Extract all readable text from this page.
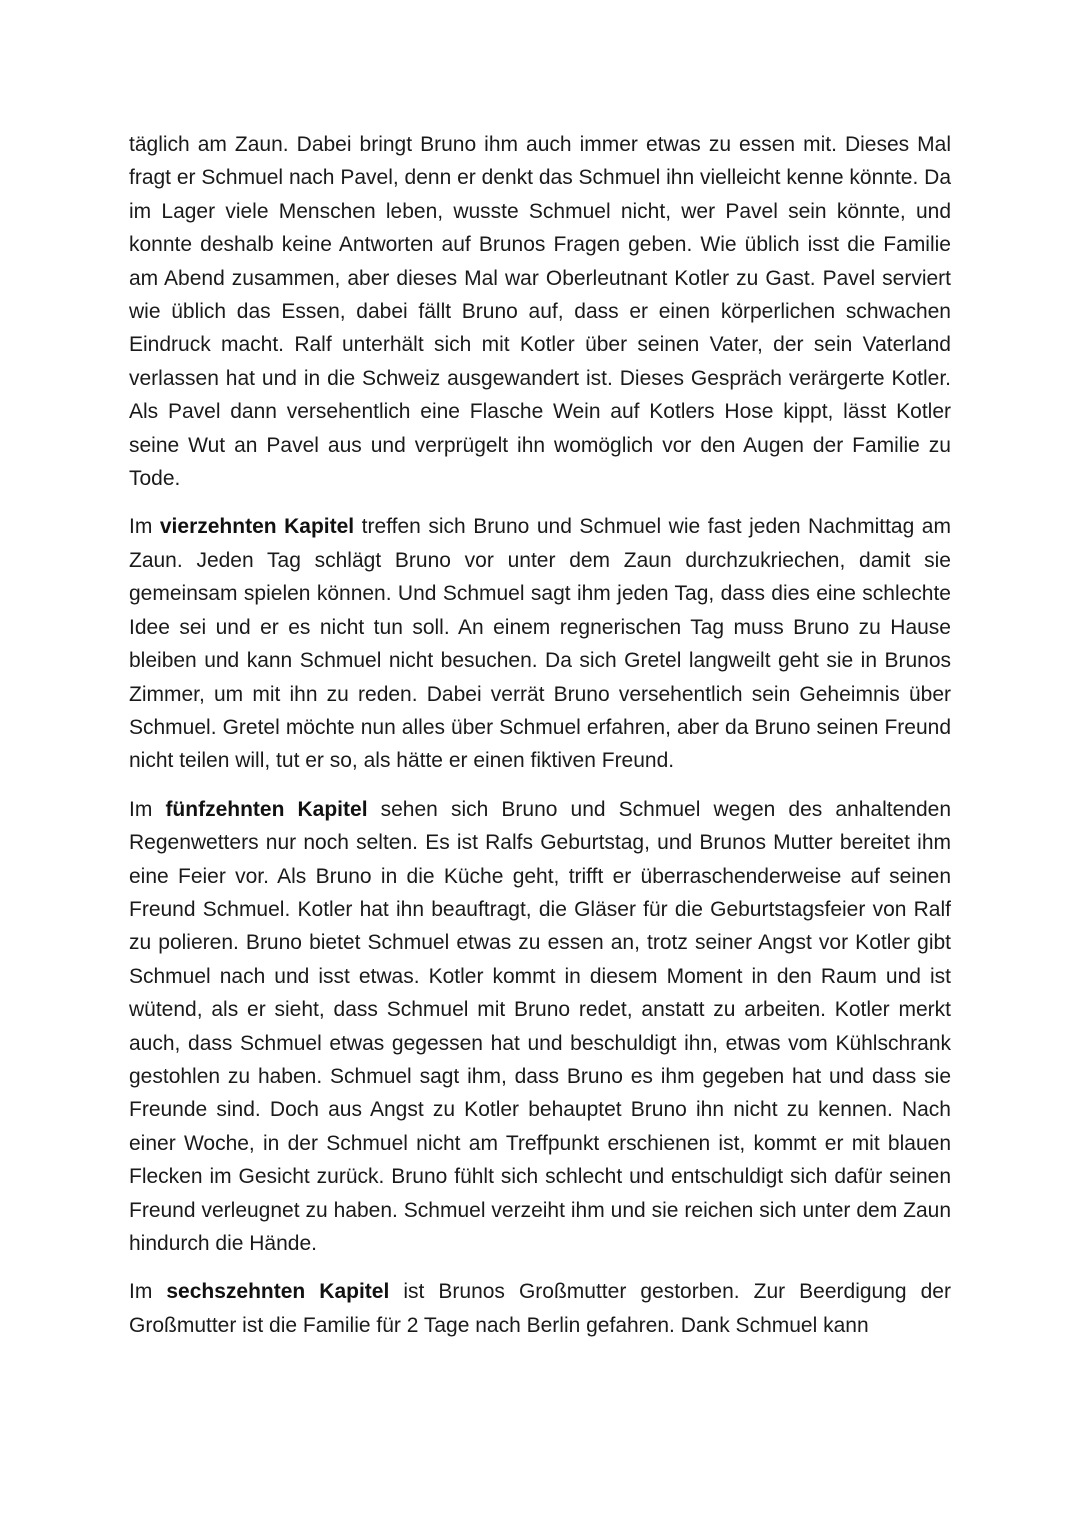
täglich am Zaun. Dabei bringt Bruno ihm auch immer etwas zu essen mit. Dieses Mal fragt er Schmuel nach Pavel, denn er denkt das Schmuel ihn vielleicht kenne könnte. Da im Lager viele Menschen leben, wusste Schmuel nicht, wer Pavel sein könnte, und konnte deshalb keine Antworten auf Brunos Fragen geben. Wie üblich isst die Familie am Abend zusammen, aber dieses Mal war Oberleutnant Kotler zu Gast. Pavel serviert wie üblich das Essen, dabei fällt Bruno auf, dass er einen körperlichen schwachen Eindruck macht. Ralf unterhält sich mit Kotler über seinen Vater, der sein Vaterland verlassen hat und in die Schweiz ausgewandert ist. Dieses Gespräch verärgerte Kotler. Als Pavel dann versehentlich eine Flasche Wein auf Kotlers Hose kippt, lässt Kotler seine Wut an Pavel aus und verprügelt ihn womöglich vor den Augen der Familie zu Tode.

Im vierzehnten Kapitel treffen sich Bruno und Schmuel wie fast jeden Nachmittag am Zaun. Jeden Tag schlägt Bruno vor unter dem Zaun durchzukriechen, damit sie gemeinsam spielen können. Und Schmuel sagt ihm jeden Tag, dass dies eine schlechte Idee sei und er es nicht tun soll. An einem regnerischen Tag muss Bruno zu Hause bleiben und kann Schmuel nicht besuchen. Da sich Gretel langweilt geht sie in Brunos Zimmer, um mit ihn zu reden. Dabei verrät Bruno versehentlich sein Geheimnis über Schmuel. Gretel möchte nun alles über Schmuel erfahren, aber da Bruno seinen Freund nicht teilen will, tut er so, als hätte er einen fiktiven Freund.

Im fünfzehnten Kapitel sehen sich Bruno und Schmuel wegen des anhaltenden Regenwetters nur noch selten. Es ist Ralfs Geburtstag, und Brunos Mutter bereitet ihm eine Feier vor. Als Bruno in die Küche geht, trifft er überraschenderweise auf seinen Freund Schmuel. Kotler hat ihn beauftragt, die Gläser für die Geburtstagsfeier von Ralf zu polieren. Bruno bietet Schmuel etwas zu essen an, trotz seiner Angst vor Kotler gibt Schmuel nach und isst etwas. Kotler kommt in diesem Moment in den Raum und ist wütend, als er sieht, dass Schmuel mit Bruno redet, anstatt zu arbeiten. Kotler merkt auch, dass Schmuel etwas gegessen hat und beschuldigt ihn, etwas vom Kühlschrank gestohlen zu haben. Schmuel sagt ihm, dass Bruno es ihm gegeben hat und dass sie Freunde sind. Doch aus Angst zu Kotler behauptet Bruno ihn nicht zu kennen. Nach einer Woche, in der Schmuel nicht am Treffpunkt erschienen ist, kommt er mit blauen Flecken im Gesicht zurück. Bruno fühlt sich schlecht und entschuldigt sich dafür seinen Freund verleugnet zu haben. Schmuel verzeiht ihm und sie reichen sich unter dem Zaun hindurch die Hände.

Im sechszehnten Kapitel ist Brunos Großmutter gestorben. Zur Beerdigung der Großmutter ist die Familie für 2 Tage nach Berlin gefahren. Dank Schmuel kann
